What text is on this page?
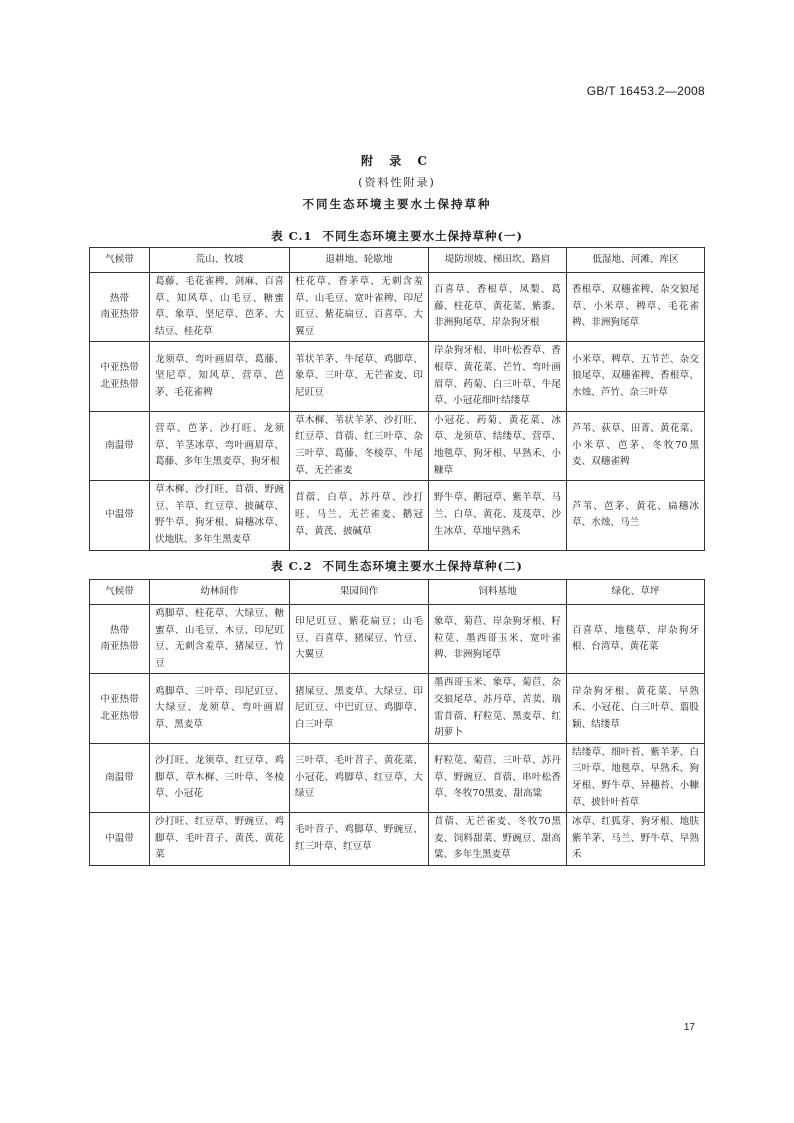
GB/T 16453.2—2008
附 录 C
(资料性附录)
不同生态环境主要水土保持草种
表 C.1 不同生态环境主要水土保持草种(一)
气候带	荒山、牧坡	退耕地、轮歇地	堤防坝坡、梯田坎、路肩	低湿地、河滩、库区

热带
南亚热带	葛藤、毛花雀稗、剑麻、百喜草、知风草、山毛豆、糖蜜草、象草、坚尼草、芭茅、大结豆、桂花草	柱花草、香茅草、无刺含羞草、山毛豆、宽叶雀稗、印尼豇豆、紫花扁豆、百喜草、大翼豆	百喜草、香根草、凤梨、葛藤、柱花草、黄花菜、紫黍、非洲狗尾草、岸杂狗牙根	香根草、双穗雀稗、杂交狼尾草、小米草、稗草、毛花雀稗、非洲狗尾草

中亚热带
北亚热带	龙须草、弯叶画眉草、葛藤、坚尼草、知风草、营草、芭茅、毛花雀稗	苇状羊茅、牛尾草、鸡脚草、象草、三叶草、无芒雀麦、印尼豇豆	岸杂狗牙根、串叶松香草、香根草、黄花菜、芒竹、弯叶画眉草、药菊、白三叶草、牛尾草、小冠花细叶结缕草	小米草、稗草、五节芒、杂交狼尾草、双穗雀稗、香根草、水烛、芦竹、杂三叶草

南温带	营草、芭茅、沙打旺、龙须草、羊茎冰草、弯叶画眉草、葛藤、多年生黑麦草、狗牙根	草木樨、苇状羊茅、沙打旺、红豆草、苜蓿、红三叶草、杂三叶草、葛藤、冬棱草、牛尾草、无芒雀麦	小冠花、药菊、黄花菜、冰草、龙须草、结缕草、营草、地毯草、狗牙根、早熟禾、小糠草	芦苇、荻草、田菁、黄花菜、小米草、芭茅、冬牧70黑麦、双穗雀稗

中温带	草木樨、沙打旺、苜蓿、野豌豆、羊草、红豆草、披碱草、野牛草、狗牙根、扁穗冰草、伏地肤、多年生黑麦草	苜蓿、白草、苏丹草、沙打旺、马兰、无芒雀麦、鹅冠草、黄芪、披碱草	野牛草、鹅冠草、紫羊草、马兰、白草、黄花、芨芨草、沙生冰草、草地早熟禾	芦苇、芭茅、黄花、扁穗冰草、水烛、马兰
表 C.2 不同生态环境主要水土保持草种(二)
气候带	幼林间作	果园间作	饲料基地	绿化、草坪

热带
南亚热带	鸡脚草、柱花草、大绿豆、糖蜜草、山毛豆、木豆、印尼豇豆、无刺含羞草、猪屎豆、竹豆	印尼豇豆、紫花扁豆；山毛豆、百喜草、猪屎豆、竹豆、大翼豆	象草、菊苣、岸杂狗牙根、籽粒苋、墨西哥玉米、宽叶雀稗、非洲狗尾草	百喜草、地毯草、岸杂狗牙根、台湾草、黄花菜

中亚热带
北亚热带	鸡脚草、三叶草、印尼豇豆、大绿豆、龙须草、弯叶画眉草、黑麦草	猪屎豆、黑麦草、大绿豆、印尼豇豆、中巴豇豆、鸡脚草、白三叶草	墨西哥玉米、象草、菊苣、杂交狼尾草、苏丹草、苦荬、瑞雷苜蓿、籽粒苋、黑麦草、红胡萝卜	岸杂狗牙根、黄花菜、早熟禾、小冠花、白三叶草、翦股颖、结缕草

南温带	沙打旺、龙须草、红豆草、鸡脚草、草木樨、三叶草、冬棱草、小冠花	三叶草、毛叶苕子、黄花菜、小冠花、鸡脚草、红豆草、大绿豆	籽粒苋、菊苣、三叶草、苏丹草、野豌豆、苜蓿、串叶松香草、冬牧70黑麦、甜高粱	结缕草、细叶苔、紫羊茅、白三叶草、地毯草、早熟禾、狗牙根、野牛草、异穗苔、小糠草、披针叶苔草

中温带	沙打旺、红豆草、野豌豆、鸡脚草、毛叶苕子、黄芪、黄花菜	毛叶苕子、鸡脚草、野豌豆、红三叶草、红豆草	苜蓿、无芒雀麦、冬牧70黑麦、饲料甜菜、野豌豆、甜高粱、多年生黑麦草	冰草、红狐芽、狗牙根、地肤紫羊茅、马兰、野牛草、早熟禾
17
